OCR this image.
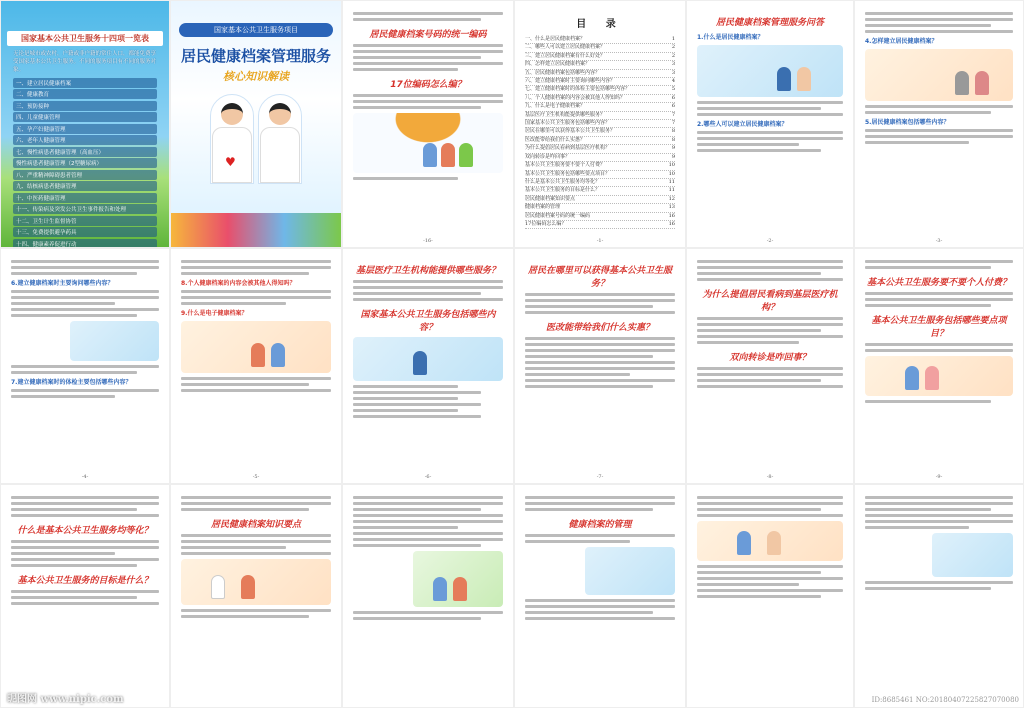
国家基本公共卫生服务十四项一览表
无论是城市或农村，户籍或非户籍的常住人口，都能免费享受国家基本公共卫生服务。不同的服务项目有不同的服务对象。
一、建立居民健康档案
二、健康教育
三、预防接种
四、儿童健康管理
五、孕产妇健康管理
六、老年人健康管理
七、慢性病患者健康管理（高血压）
慢性病患者健康管理（2型糖尿病）
八、严重精神障碍患者管理
九、结核病患者健康管理
十、中医药健康管理
十一、传染病及突发公共卫生事件报告和处理
十二、卫生计生监督协管
十三、免费提供避孕药具
十四、健康素养促进行动
国家基本公共卫生服务项目
居民健康档案管理服务
核心知识解读
♥
居民健康档案号码的统一编码
17位编码怎么编？
-16-
目 录
一、什么是居民健康档案？	1
二、哪些人可以建立居民健康档案？	2
三、建立居民健康档案有什么好处？	2
四、怎样建立居民健康档案？	3
五、居民健康档案包括哪些内容？	3
六、建立健康档案时主要询问哪些内容？	4
七、建立健康档案时的体检主要包括哪些内容？	5
八、个人健康档案的内容会被其他人得知吗？	6
九、什么是电子健康档案？	6
基层医疗卫生机构能提供哪些服务？	7
国家基本公共卫生服务包括哪些内容？	7
居民在哪里可以获得基本公共卫生服务？	8
医改能带给我们什么实惠？	8
为什么提倡居民看病到基层医疗机构？	9
双向转诊是咋回事？	9
基本公共卫生服务要不要个人付费？	10
基本公共卫生服务包括哪些要点项目？	10
什么是基本公共卫生服务均等化？	11
基本公共卫生服务的目标是什么？	11
居民健康档案知识要点	12
健康档案的管理	13
居民健康档案号码的统一编码	16
17位编码怎么编？	16
-1-
居民健康档案管理服务问答
1.什么是居民健康档案？
2.哪些人可以建立居民健康档案？
-2-
4.怎样建立居民健康档案？
5.居民健康档案包括哪些内容？
-3-
6.建立健康档案时主要询问哪些内容？
7.建立健康档案时的体检主要包括哪些内容？
-4-
8.个人健康档案的内容会被其他人得知吗？
9.什么是电子健康档案？
-5-
基层医疗卫生机构能提供哪些服务？
国家基本公共卫生服务包括哪些内容？
-6-
居民在哪里可以获得基本公共卫生服务？
医改能带给我们什么实惠？
-7-
为什么提倡居民看病到基层医疗机构？
双向转诊是咋回事？
-8-
基本公共卫生服务要不要个人付费？
基本公共卫生服务包括哪些要点项目？
-9-
什么是基本公共卫生服务均等化？
基本公共卫生服务的目标是什么？
昵图网 www.nipic.com
居民健康档案知识要点	健康档案的管理
ID:8685461 NO:20180407225827070080
